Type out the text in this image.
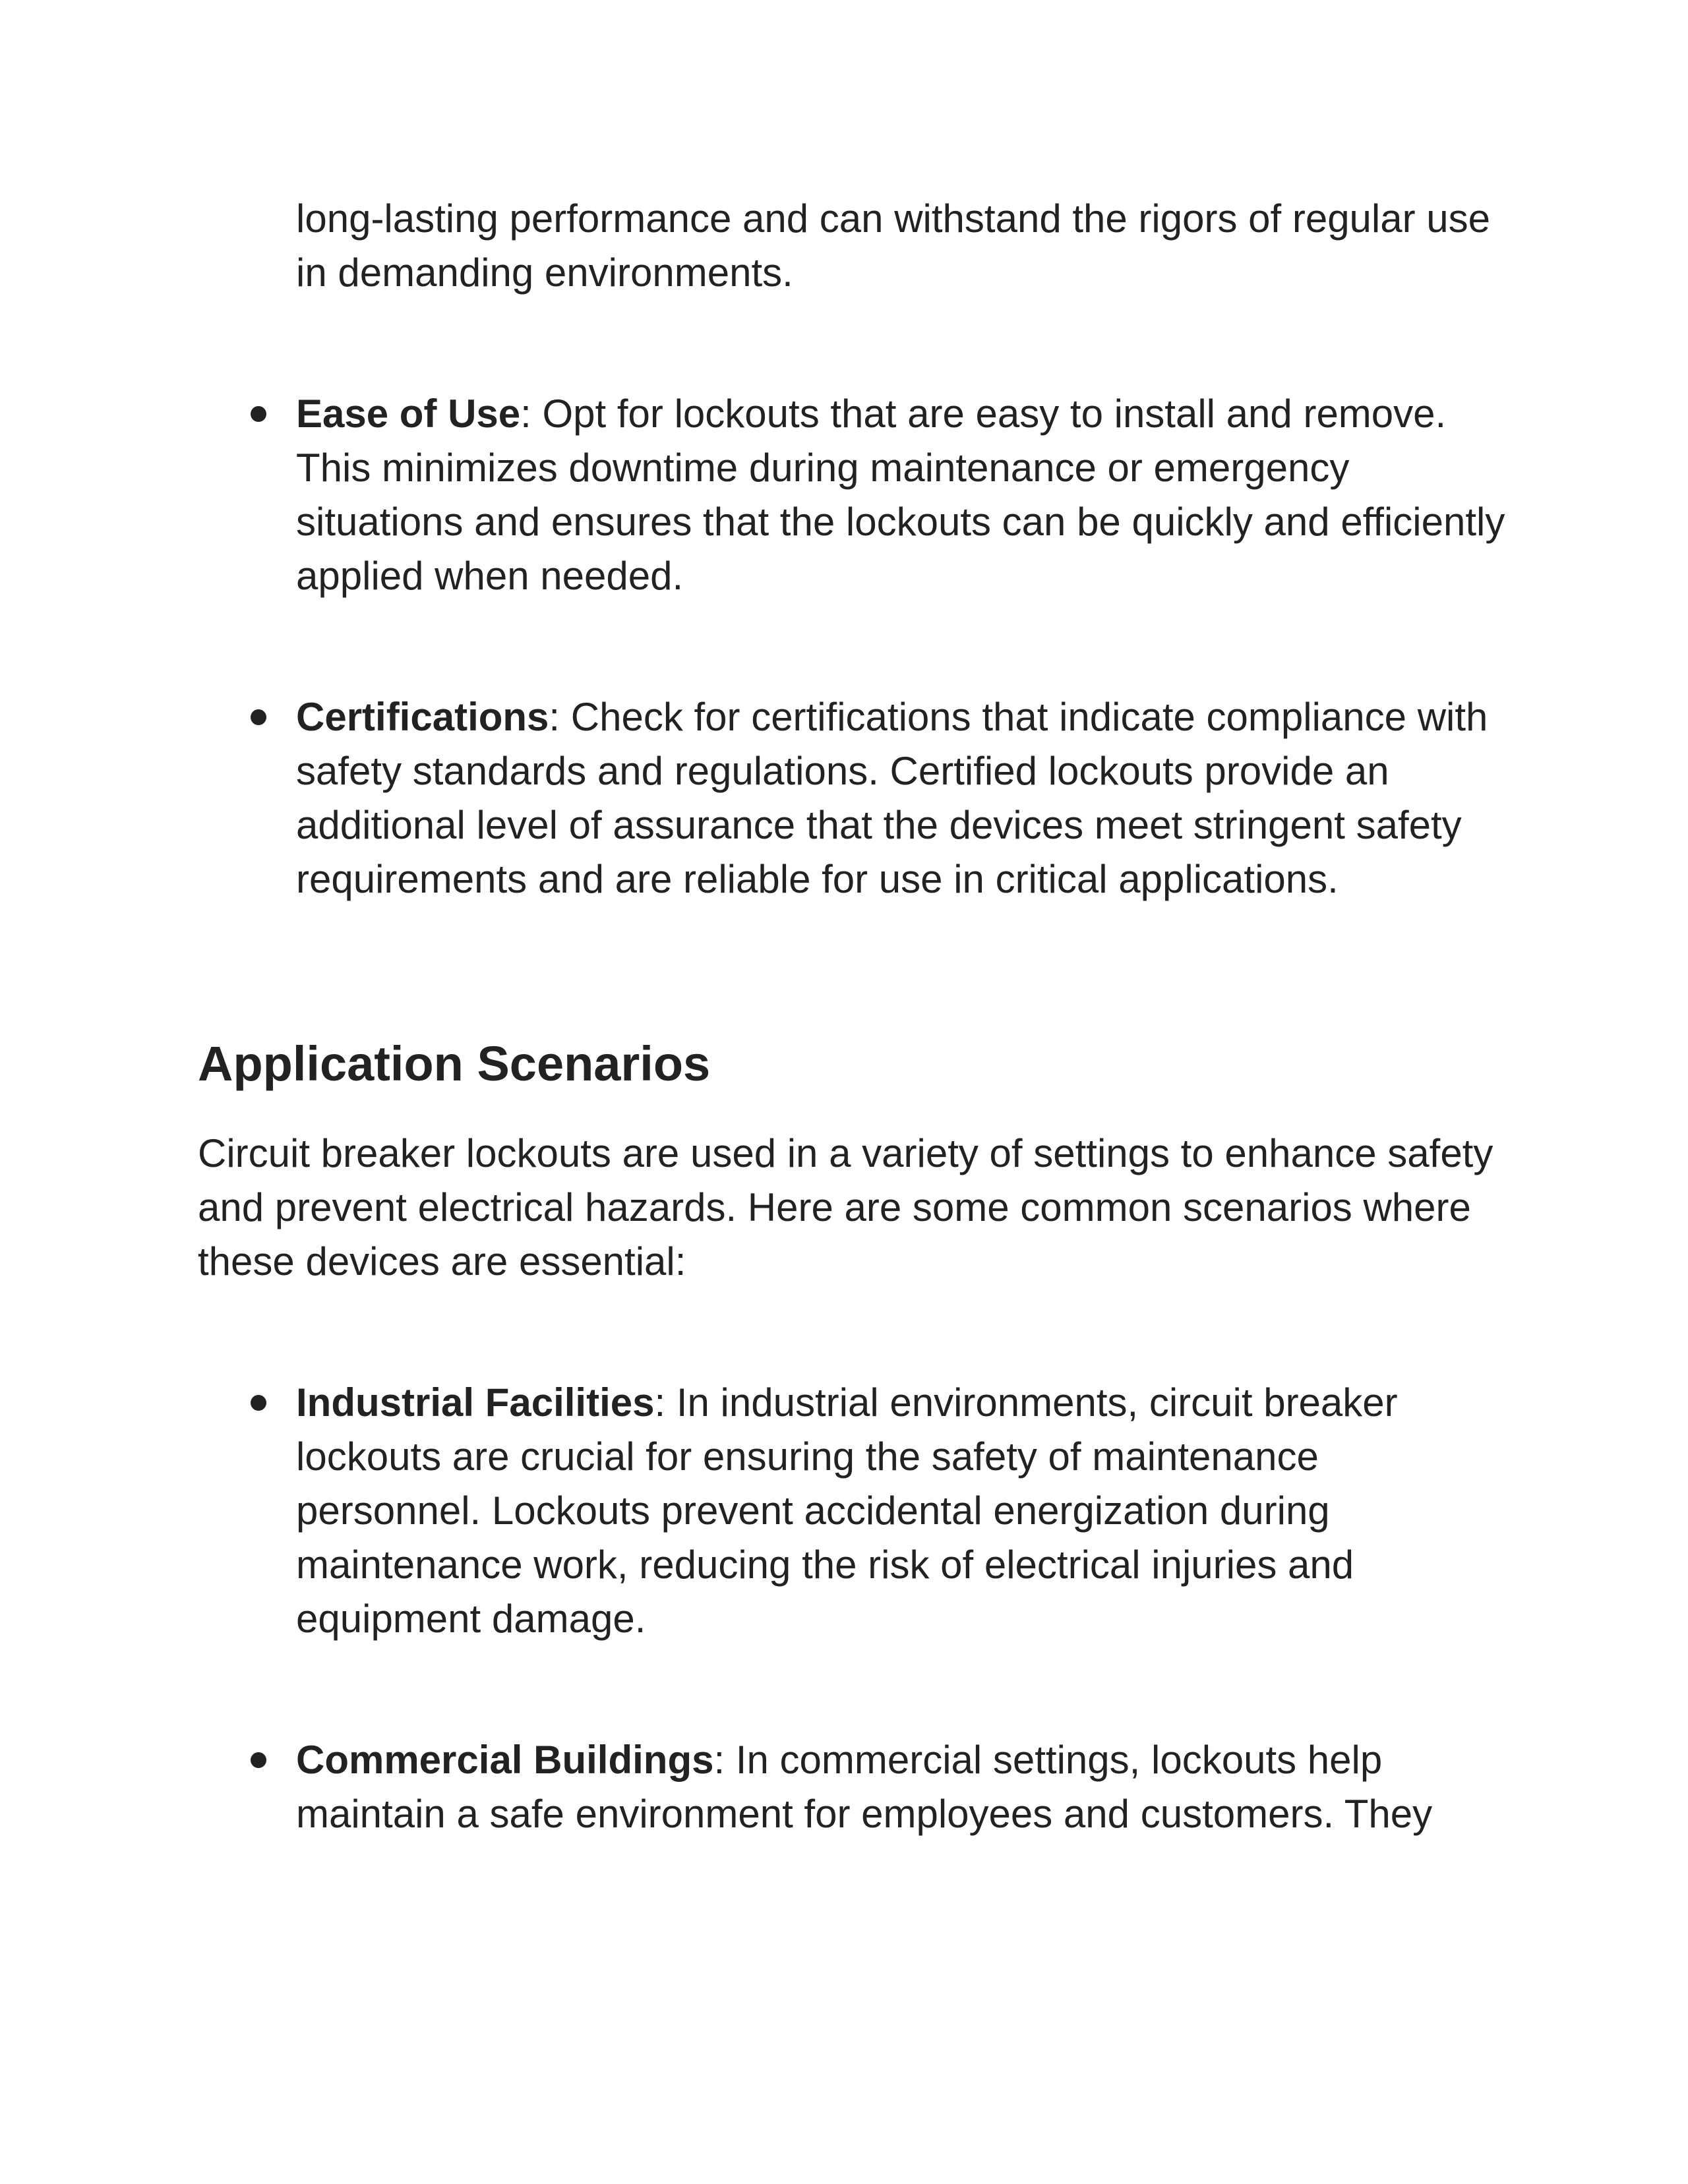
long-lasting performance and can withstand the rigors of regular use in demanding environments.

Ease of Use: Opt for lockouts that are easy to install and remove. This minimizes downtime during maintenance or emergency situations and ensures that the lockouts can be quickly and efficiently applied when needed.
Certifications: Check for certifications that indicate compliance with safety standards and regulations. Certified lockouts provide an additional level of assurance that the devices meet stringent safety requirements and are reliable for use in critical applications.
Application Scenarios

Circuit breaker lockouts are used in a variety of settings to enhance safety and prevent electrical hazards. Here are some common scenarios where these devices are essential:

Industrial Facilities: In industrial environments, circuit breaker lockouts are crucial for ensuring the safety of maintenance personnel. Lockouts prevent accidental energization during maintenance work, reducing the risk of electrical injuries and equipment damage.
Commercial Buildings: In commercial settings, lockouts help maintain a safe environment for employees and customers. They
